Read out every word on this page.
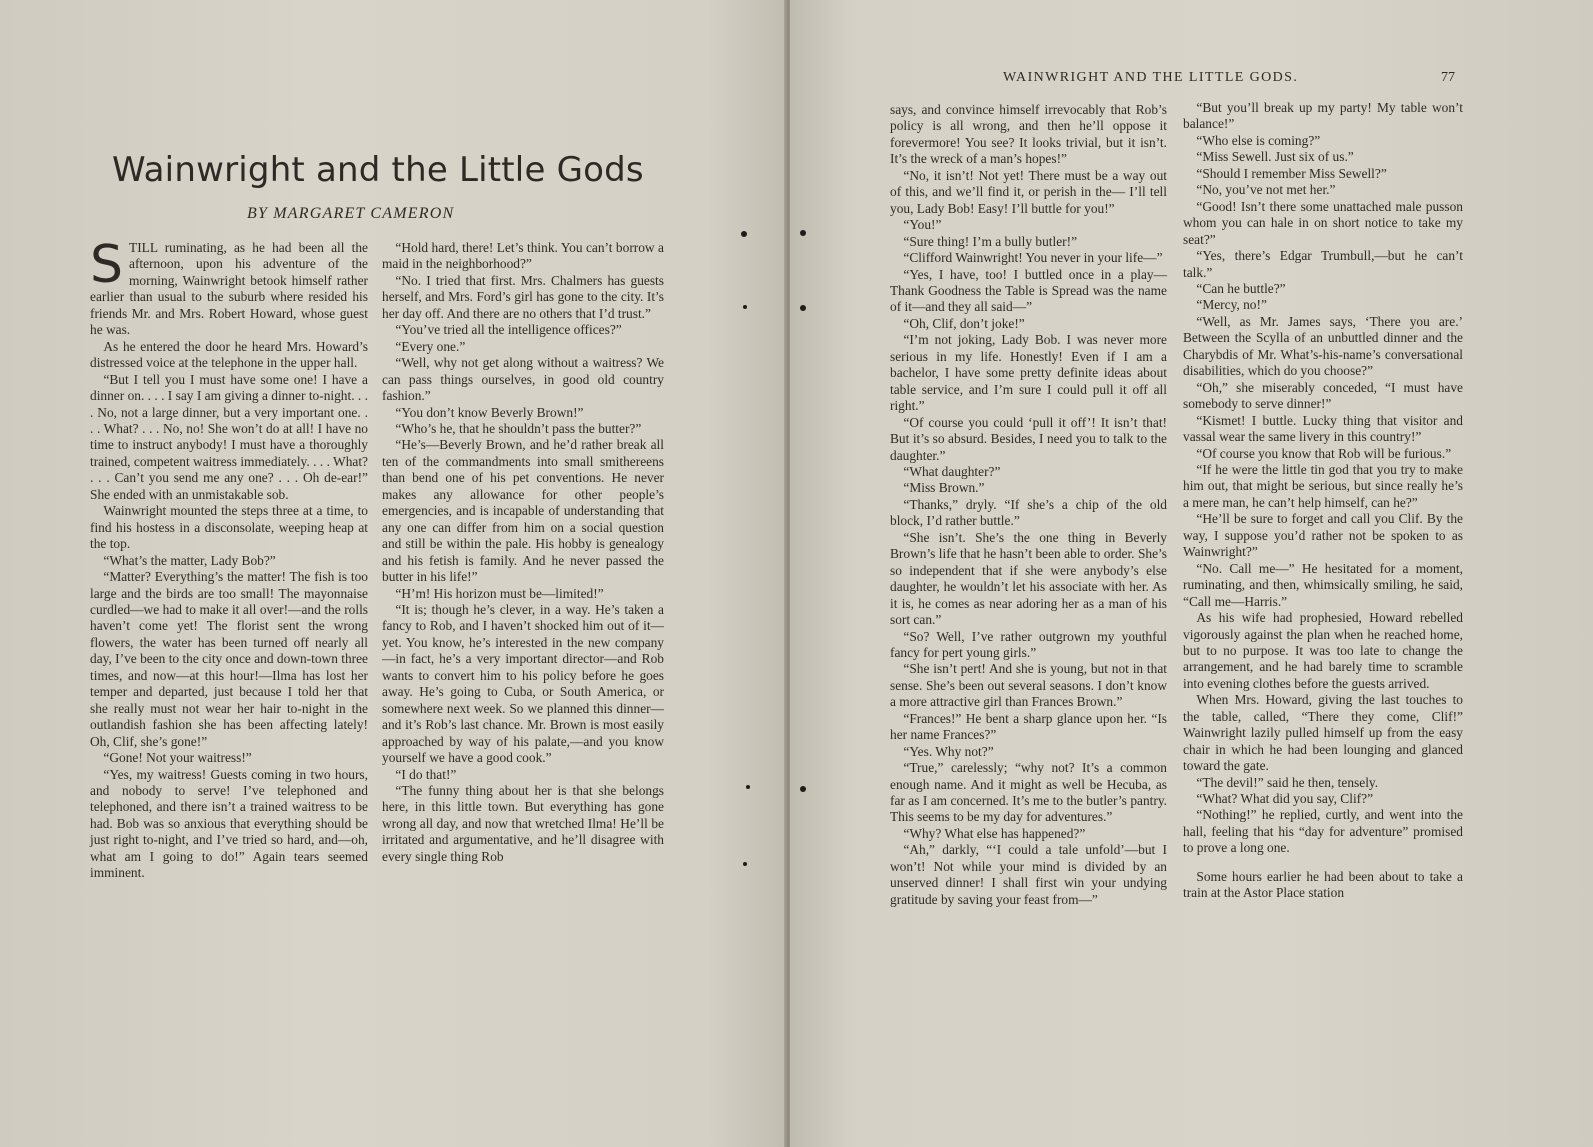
Wainwright and the Little Gods
BY MARGARET CAMERON

STILL ruminating, as he had been all the afternoon, upon his adventure of the morning, Wainwright betook himself rather earlier than usual to the suburb where resided his friends Mr. and Mrs. Robert Howard, whose guest he was.

As he entered the door he heard Mrs. Howard’s distressed voice at the telephone in the upper hall.

“But I tell you I must have some one! I have a dinner on. . . . I say I am giving a dinner to-night. . . . No, not a large dinner, but a very important one. . . . What? . . . No, no! She won’t do at all! I have no time to instruct anybody! I must have a thoroughly trained, competent waitress immediately. . . . What? . . . Can’t you send me any one? . . . Oh de-ear!” She ended with an unmistakable sob.

Wainwright mounted the steps three at a time, to find his hostess in a disconsolate, weeping heap at the top.

“What’s the matter, Lady Bob?”

“Matter? Everything’s the matter! The fish is too large and the birds are too small! The mayonnaise curdled—we had to make it all over!—and the rolls haven’t come yet! The florist sent the wrong flowers, the water has been turned off nearly all day, I’ve been to the city once and down-town three times, and now—at this hour!—Ilma has lost her temper and departed, just because I told her that she really must not wear her hair to-night in the outlandish fashion she has been affecting lately! Oh, Clif, she’s gone!”

“Gone! Not your waitress!”

“Yes, my waitress! Guests coming in two hours, and nobody to serve! I’ve telephoned and telephoned, and there isn’t a trained waitress to be had. Bob was so anxious that everything should be just right to-night, and I’ve tried so hard, and—oh, what am I going to do!” Again tears seemed imminent.

“Hold hard, there! Let’s think. You can’t borrow a maid in the neighborhood?”

“No. I tried that first. Mrs. Chalmers has guests herself, and Mrs. Ford’s girl has gone to the city. It’s her day off. And there are no others that I’d trust.”

“You’ve tried all the intelligence offices?”

“Every one.”

“Well, why not get along without a waitress? We can pass things ourselves, in good old country fashion.”

“You don’t know Beverly Brown!”

“Who’s he, that he shouldn’t pass the butter?”

“He’s—Beverly Brown, and he’d rather break all ten of the commandments into small smithereens than bend one of his pet conventions. He never makes any allowance for other people’s emergencies, and is incapable of understanding that any one can differ from him on a social question and still be within the pale. His hobby is genealogy and his fetish is family. And he never passed the butter in his life!”

“H’m! His horizon must be—limited!”

“It is; though he’s clever, in a way. He’s taken a fancy to Rob, and I haven’t shocked him out of it—yet. You know, he’s interested in the new company—in fact, he’s a very important director—and Rob wants to convert him to his policy before he goes away. He’s going to Cuba, or South America, or somewhere next week. So we planned this dinner—and it’s Rob’s last chance. Mr. Brown is most easily approached by way of his palate,—and you know yourself we have a good cook.”

“I do that!”

“The funny thing about her is that she belongs here, in this little town. But everything has gone wrong all day, and now that wretched Ilma! He’ll be irritated and argumentative, and he’ll disagree with every single thing Rob

WAINWRIGHT AND THE LITTLE GODS.	77

says, and convince himself irrevocably that Rob’s policy is all wrong, and then he’ll oppose it forevermore! You see? It looks trivial, but it isn’t. It’s the wreck of a man’s hopes!”

“No, it isn’t! Not yet! There must be a way out of this, and we’ll find it, or perish in the— I’ll tell you, Lady Bob! Easy! I’ll buttle for you!”

“You!”

“Sure thing! I’m a bully butler!”

“Clifford Wainwright! You never in your life—”

“Yes, I have, too! I buttled once in a play—Thank Goodness the Table is Spread was the name of it—and they all said—”

“Oh, Clif, don’t joke!”

“I’m not joking, Lady Bob. I was never more serious in my life. Honestly! Even if I am a bachelor, I have some pretty definite ideas about table service, and I’m sure I could pull it off all right.”

“Of course you could ‘pull it off’! It isn’t that! But it’s so absurd. Besides, I need you to talk to the daughter.”

“What daughter?”

“Miss Brown.”

“Thanks,” dryly. “If she’s a chip of the old block, I’d rather buttle.”

“She isn’t. She’s the one thing in Beverly Brown’s life that he hasn’t been able to order. She’s so independent that if she were anybody’s else daughter, he wouldn’t let his associate with her. As it is, he comes as near adoring her as a man of his sort can.”

“So? Well, I’ve rather outgrown my youthful fancy for pert young girls.”

“She isn’t pert! And she is young, but not in that sense. She’s been out several seasons. I don’t know a more attractive girl than Frances Brown.”

“Frances!” He bent a sharp glance upon her. “Is her name Frances?”

“Yes. Why not?”

“True,” carelessly; “why not? It’s a common enough name. And it might as well be Hecuba, as far as I am concerned. It’s me to the butler’s pantry. This seems to be my day for adventures.”

“Why? What else has happened?”

“Ah,” darkly, “‘I could a tale unfold’—but I won’t! Not while your mind is divided by an unserved dinner! I shall first win your undying gratitude by saving your feast from—”

“But you’ll break up my party! My table won’t balance!”

“Who else is coming?”

“Miss Sewell. Just six of us.”

“Should I remember Miss Sewell?”

“No, you’ve not met her.”

“Good! Isn’t there some unattached male pusson whom you can hale in on short notice to take my seat?”

“Yes, there’s Edgar Trumbull,—but he can’t talk.”

“Can he buttle?”

“Mercy, no!”

“Well, as Mr. James says, ‘There you are.’ Between the Scylla of an unbuttled dinner and the Charybdis of Mr. What’s-his-name’s conversational disabilities, which do you choose?”

“Oh,” she miserably conceded, “I must have somebody to serve dinner!”

“Kismet! I buttle. Lucky thing that visitor and vassal wear the same livery in this country!”

“Of course you know that Rob will be furious.”

“If he were the little tin god that you try to make him out, that might be serious, but since really he’s a mere man, he can’t help himself, can he?”

“He’ll be sure to forget and call you Clif. By the way, I suppose you’d rather not be spoken to as Wainwright?”

“No. Call me—” He hesitated for a moment, ruminating, and then, whimsically smiling, he said, “Call me—Harris.”

As his wife had prophesied, Howard rebelled vigorously against the plan when he reached home, but to no purpose. It was too late to change the arrangement, and he had barely time to scramble into evening clothes before the guests arrived.

When Mrs. Howard, giving the last touches to the table, called, “There they come, Clif!” Wainwright lazily pulled himself up from the easy chair in which he had been lounging and glanced toward the gate.

“The devil!” said he then, tensely.

“What? What did you say, Clif?”

“Nothing!” he replied, curtly, and went into the hall, feeling that his “day for adventure” promised to prove a long one.

Some hours earlier he had been about to take a train at the Astor Place station
